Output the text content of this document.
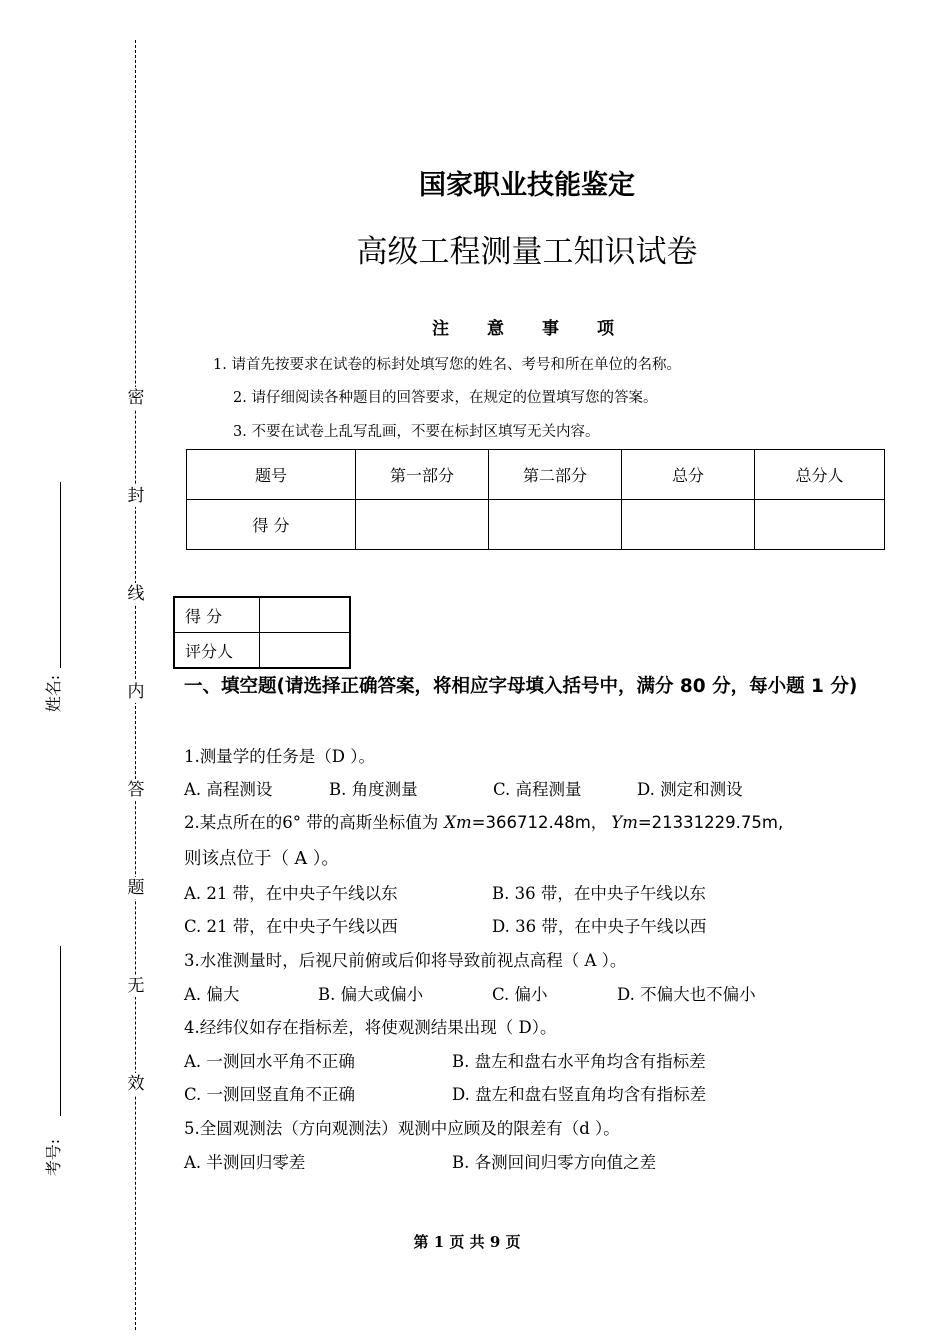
密
封
线
内
答
题
无
效
姓名:
考号:
国家职业技能鉴定
高级工程测量工知识试卷
注意事项
1. 请首先按要求在试卷的标封处填写您的姓名、考号和所在单位的名称。
2. 请仔细阅读各种题目的回答要求，在规定的位置填写您的答案。
3. 不要在试卷上乱写乱画，不要在标封区填写无关内容。
题号	第一部分	第二部分	总分	总分人
得 分				
得 分	
评分人	
一、填空题(请选择正确答案，将相应字母填入括号中，满分 80 分，每小题 1 分)
1.测量学的任务是（D ）。
A. 高程测设	B. 角度测量	C. 高程测量	D. 测定和测设
2.某点所在的6° 带的高斯坐标值为 Xm=366712.48m， Ym=21331229.75m,
则该点位于（ A ）。
A. 21 带，在中央子午线以东	B. 36 带，在中央子午线以东
C. 21 带，在中央子午线以西	D. 36 带，在中央子午线以西
3.水准测量时，后视尺前俯或后仰将导致前视点高程（ A ）。
A. 偏大	B. 偏大或偏小	C. 偏小	D. 不偏大也不偏小
4.经纬仪如存在指标差，将使观测结果出现（ D）。
A. 一测回水平角不正确	B. 盘左和盘右水平角均含有指标差
C. 一测回竖直角不正确	D. 盘左和盘右竖直角均含有指标差
5.全圆观测法（方向观测法）观测中应顾及的限差有（d ）。
A. 半测回归零差	B. 各测回间归零方向值之差
第 1 页 共 9 页
